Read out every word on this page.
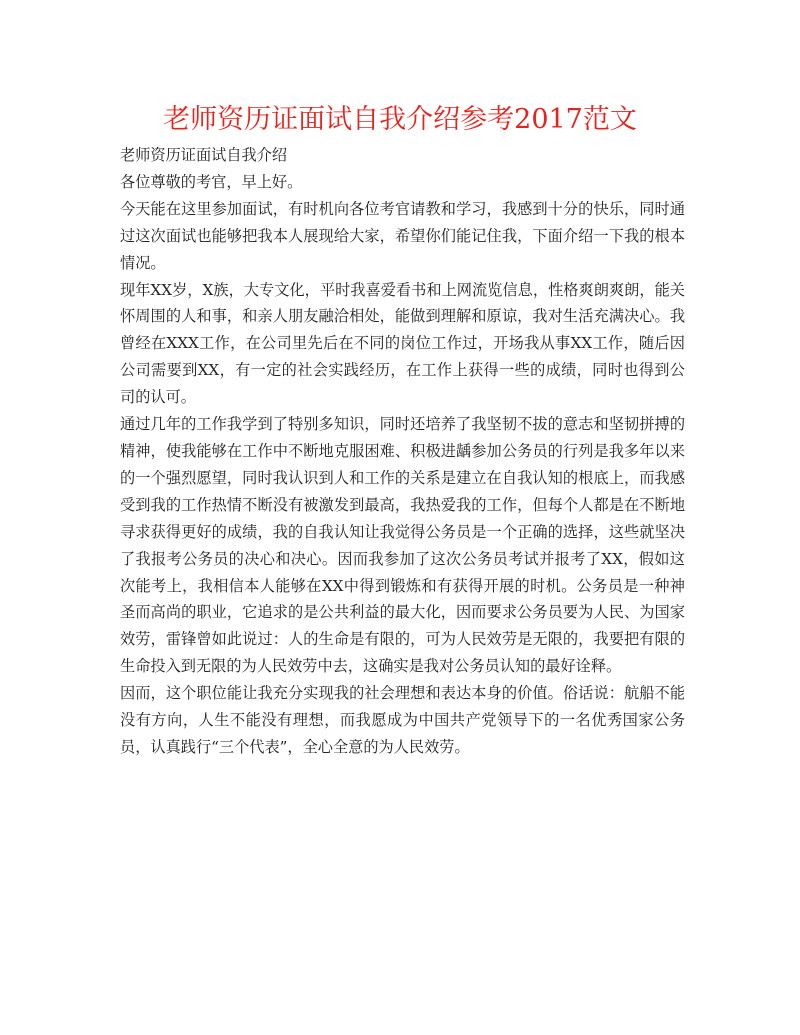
老师资历证面试自我介绍参考2017范文

老师资历证面试自我介绍

各位尊敬的考官，早上好。

今天能在这里参加面试，有时机向各位考官请教和学习，我感到十分的快乐，同时通过这次面试也能够把我本人展现给大家，希望你们能记住我，下面介绍一下我的根本情况。

现年XX岁，X族，大专文化，平时我喜爱看书和上网流览信息，性格爽朗爽朗，能关怀周围的人和事，和亲人朋友融洽相处，能做到理解和原谅，我对生活充满决心。我曾经在XXX工作，在公司里先后在不同的岗位工作过，开场我从事XX工作，随后因公司需要到XX，有一定的社会实践经历，在工作上获得一些的成绩，同时也得到公司的认可。

通过几年的工作我学到了特别多知识，同时还培养了我坚韧不拔的意志和坚韧拼搏的精神，使我能够在工作中不断地克服困难、积极进龋参加公务员的行列是我多年以来的一个强烈愿望，同时我认识到人和工作的关系是建立在自我认知的根底上，而我感受到我的工作热情不断没有被激发到最高，我热爱我的工作，但每个人都是在不断地寻求获得更好的成绩，我的自我认知让我觉得公务员是一个正确的选择，这些就坚决了我报考公务员的决心和决心。因而我参加了这次公务员考试并报考了XX，假如这次能考上，我相信本人能够在XX中得到锻炼和有获得开展的时机。公务员是一种神圣而高尚的职业，它追求的是公共利益的最大化，因而要求公务员要为人民、为国家效劳，雷锋曾如此说过：人的生命是有限的，可为人民效劳是无限的，我要把有限的生命投入到无限的为人民效劳中去，这确实是我对公务员认知的最好诠释。

因而，这个职位能让我充分实现我的社会理想和表达本身的价值。俗话说：航船不能没有方向，人生不能没有理想，而我愿成为中国共产党领导下的一名优秀国家公务员，认真践行“三个代表”，全心全意的为人民效劳。
